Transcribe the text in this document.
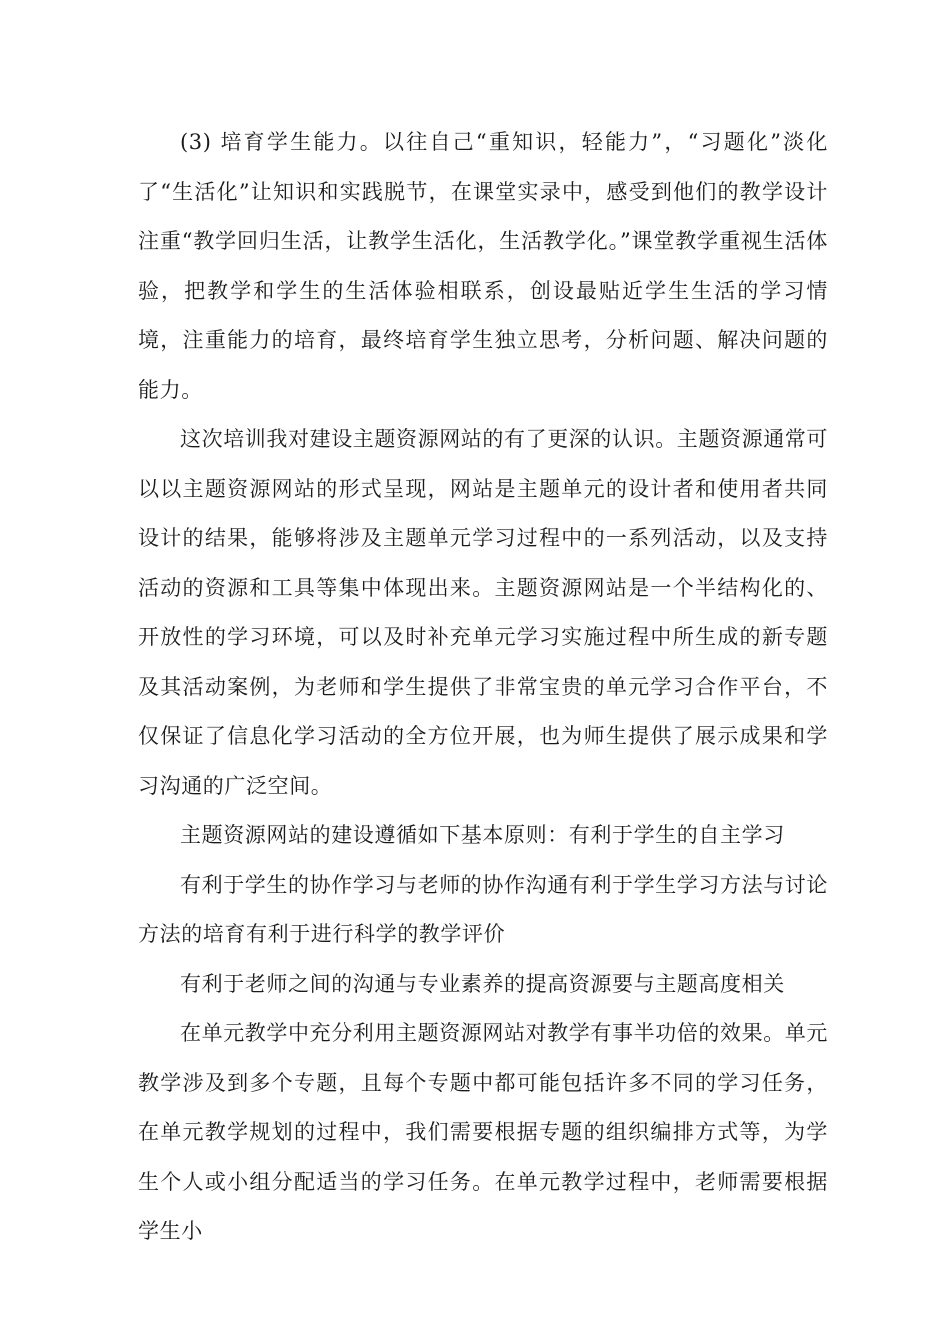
(3) 培育学生能力。以往自己“重知识，轻能力”，“习题化”淡化了“生活化”让知识和实践脱节，在课堂实录中，感受到他们的教学设计注重“教学回归生活，让教学生活化，生活教学化。”课堂教学重视生活体验，把教学和学生的生活体验相联系，创设最贴近学生生活的学习情境，注重能力的培育，最终培育学生独立思考，分析问题、解决问题的能力。

这次培训我对建设主题资源网站的有了更深的认识。主题资源通常可以以主题资源网站的形式呈现，网站是主题单元的设计者和使用者共同设计的结果，能够将涉及主题单元学习过程中的一系列活动，以及支持活动的资源和工具等集中体现出来。主题资源网站是一个半结构化的、开放性的学习环境，可以及时补充单元学习实施过程中所生成的新专题及其活动案例，为老师和学生提供了非常宝贵的单元学习合作平台，不仅保证了信息化学习活动的全方位开展，也为师生提供了展示成果和学习沟通的广泛空间。

主题资源网站的建设遵循如下基本原则：有利于学生的自主学习

有利于学生的协作学习与老师的协作沟通有利于学生学习方法与讨论方法的培育有利于进行科学的教学评价

有利于老师之间的沟通与专业素养的提高资源要与主题高度相关

在单元教学中充分利用主题资源网站对教学有事半功倍的效果。单元教学涉及到多个专题，且每个专题中都可能包括许多不同的学习任务，在单元教学规划的过程中，我们需要根据专题的组织编排方式等，为学生个人或小组分配适当的学习任务。在单元教学过程中，老师需要根据学生小
